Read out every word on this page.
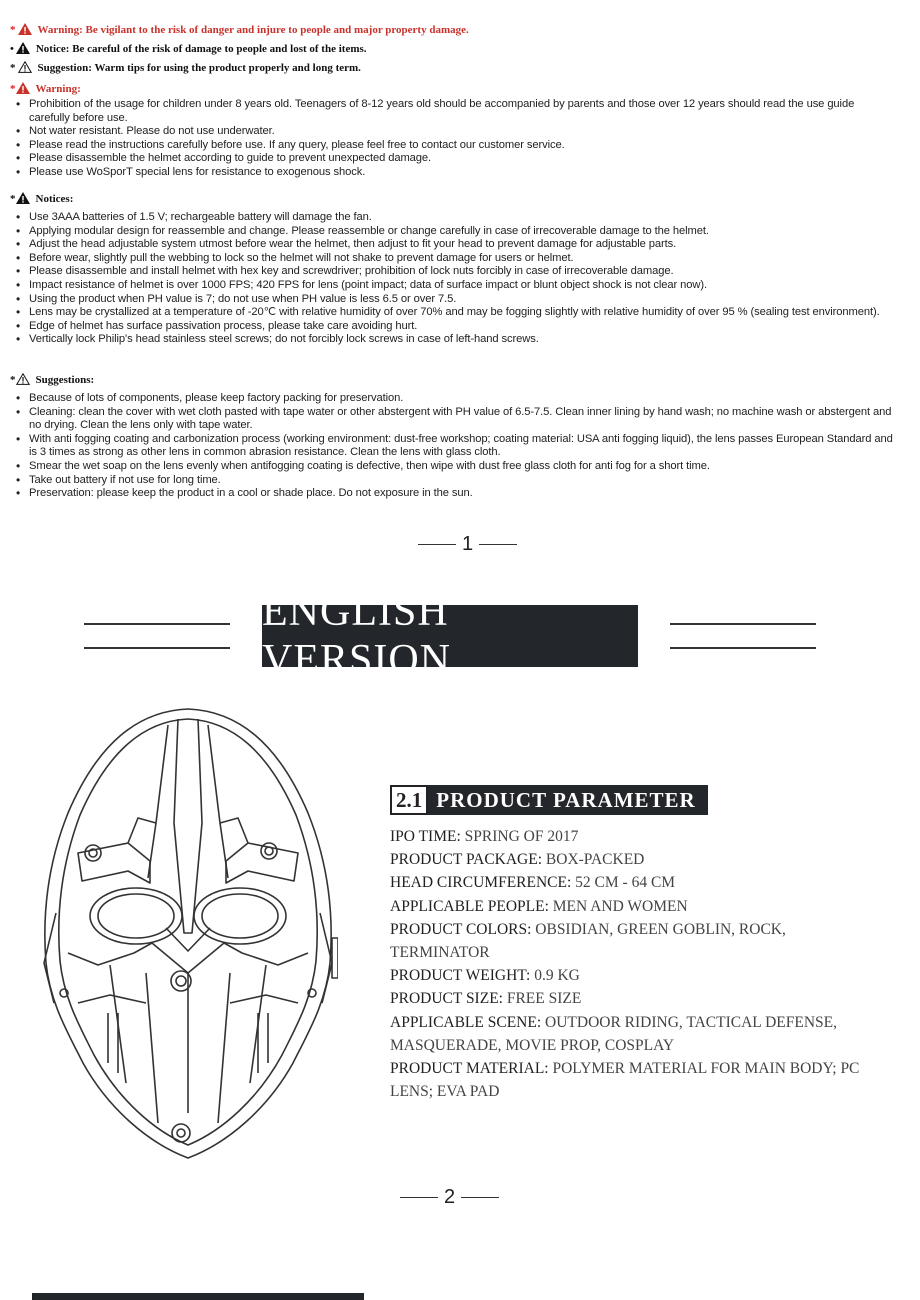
* Warning: Be vigilant to the risk of danger and injure to people and major property damage.
• Notice: Be careful of the risk of damage to people and lost of the items.
* Suggestion: Warm tips for using the product properly and long term.
* Warning:
• Prohibition of the usage for children under 8 years old. Teenagers of 8-12 years old should be accompanied by parents and those over 12 years should read the use guide carefully before use.
• Not water resistant. Please do not use underwater.
• Please read the instructions carefully before use. If any query, please feel free to contact our customer service.
• Please disassemble the helmet according to guide to prevent unexpected damage.
• Please use WoSporT special lens for resistance to exogenous shock.
* Notices:
• Use 3AAA batteries of 1.5 V; rechargeable battery will damage the fan.
• Applying modular design for reassemble and change. Please reassemble or change carefully in case of irrecoverable damage to the helmet.
• Adjust the head adjustable system utmost before wear the helmet, then adjust to fit your head to prevent damage for adjustable parts.
• Before wear, slightly pull the webbing to lock so the helmet will not shake to prevent damage for users or helmet.
• Please disassemble and install helmet with hex key and screwdriver; prohibition of lock nuts forcibly in case of irrecoverable damage.
• Impact resistance of helmet is over 1000 FPS; 420 FPS for lens (point impact; data of surface impact or blunt object shock is not clear now).
• Using the product when PH value is 7; do not use when PH value is less 6.5 or over 7.5.
• Lens may be crystallized at a temperature of -20℃ with relative humidity of over 70% and may be fogging slightly with relative humidity of over 95 % (sealing test environment).
• Edge of helmet has surface passivation process, please take care avoiding hurt.
• Vertically lock Philip's head stainless steel screws; do not forcibly lock screws in case of left-hand screws.
* Suggestions:
• Because of lots of components, please keep factory packing for preservation.
• Cleaning: clean the cover with wet cloth pasted with tape water or other abstergent with PH value of 6.5-7.5. Clean inner lining by hand wash; no machine wash or abstergent and no drying. Clean the lens only with tape water.
• With anti fogging coating and carbonization process (working environment: dust-free workshop; coating material: USA anti fogging liquid), the lens passes European Standard and is 3 times as strong as other lens in common abrasion resistance. Clean the lens with glass cloth.
• Smear the wet soap on the lens evenly when antifogging coating is defective, then wipe with dust free glass cloth for anti fog for a short time.
• Take out battery if not use for long time.
• Preservation: please keep the product in a cool or shade place. Do not exposure in the sun.
1
ENGLISH VERSION
2.1 PRODUCT PARAMETER
IPO TIME: SPRING OF 2017
PRODUCT PACKAGE: BOX-PACKED
HEAD CIRCUMFERENCE: 52 CM - 64 CM
APPLICABLE PEOPLE: MEN AND WOMEN
PRODUCT COLORS: OBSIDIAN, GREEN GOBLIN, ROCK, TERMINATOR
PRODUCT WEIGHT: 0.9 KG
PRODUCT SIZE: FREE SIZE
APPLICABLE SCENE: OUTDOOR RIDING, TACTICAL DEFENSE, MASQUERADE, MOVIE PROP, COSPLAY
PRODUCT MATERIAL: POLYMER MATERIAL FOR MAIN BODY; PC LENS; EVA PAD
2
